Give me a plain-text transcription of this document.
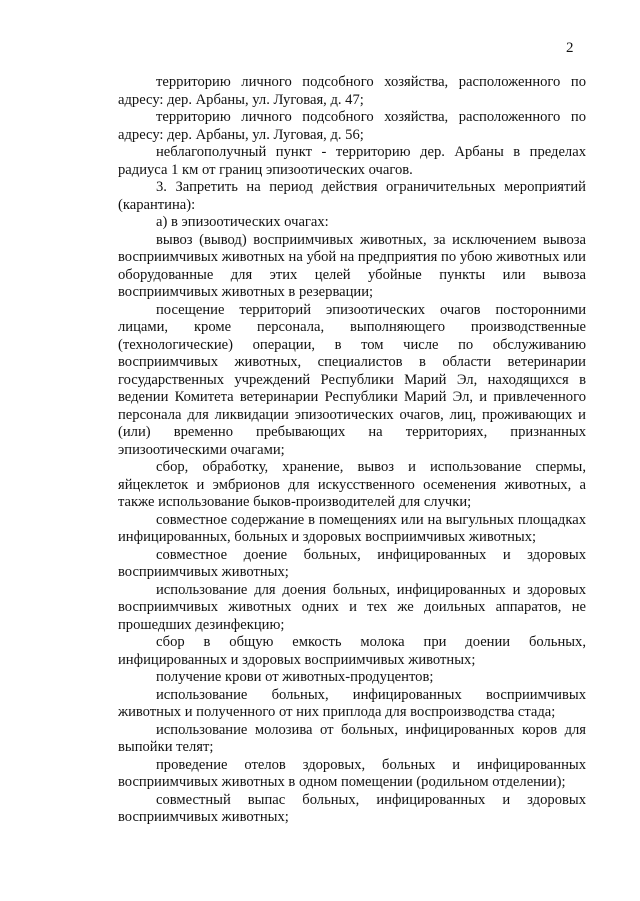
2

территорию личного подсобного хозяйства, расположенного по адресу: дер. Арбаны, ул. Луговая, д. 47;

территорию личного подсобного хозяйства, расположенного по адресу: дер. Арбаны, ул. Луговая, д. 56;

неблагополучный пункт - территорию дер. Арбаны в пределах радиуса 1 км от границ эпизоотических очагов.

3. Запретить на период действия ограничительных мероприятий (карантина):

а) в эпизоотических очагах:

вывоз (вывод) восприимчивых животных, за исключением вывоза восприимчивых животных на убой на предприятия по убою животных или оборудованные для этих целей убойные пункты или вывоза восприимчивых животных в резервации;

посещение территорий эпизоотических очагов посторонними лицами, кроме персонала, выполняющего производственные (технологические) операции, в том числе по обслуживанию восприимчивых животных, специалистов в области ветеринарии государственных учреждений Республики Марий Эл, находящихся в ведении Комитета ветеринарии Республики Марий Эл, и привлеченного персонала для ликвидации эпизоотических очагов, лиц, проживающих и (или) временно пребывающих на территориях, признанных эпизоотическими очагами;

сбор, обработку, хранение, вывоз и использование спермы, яйцеклеток и эмбрионов для искусственного осеменения животных, а также использование быков-производителей для случки;

совместное содержание в помещениях или на выгульных площадках инфицированных, больных и здоровых восприимчивых животных;

совместное доение больных, инфицированных и здоровых восприимчивых животных;

использование для доения больных, инфицированных и здоровых восприимчивых животных одних и тех же доильных аппаратов, не прошедших дезинфекцию;

сбор в общую емкость молока при доении больных, инфицированных и здоровых восприимчивых животных;

получение крови от животных-продуцентов;

использование больных, инфицированных восприимчивых животных и полученного от них приплода для воспроизводства стада;

использование молозива от больных, инфицированных коров для выпойки телят;

проведение отелов здоровых, больных и инфицированных восприимчивых животных в одном помещении (родильном отделении);

совместный выпас больных, инфицированных и здоровых восприимчивых животных;
